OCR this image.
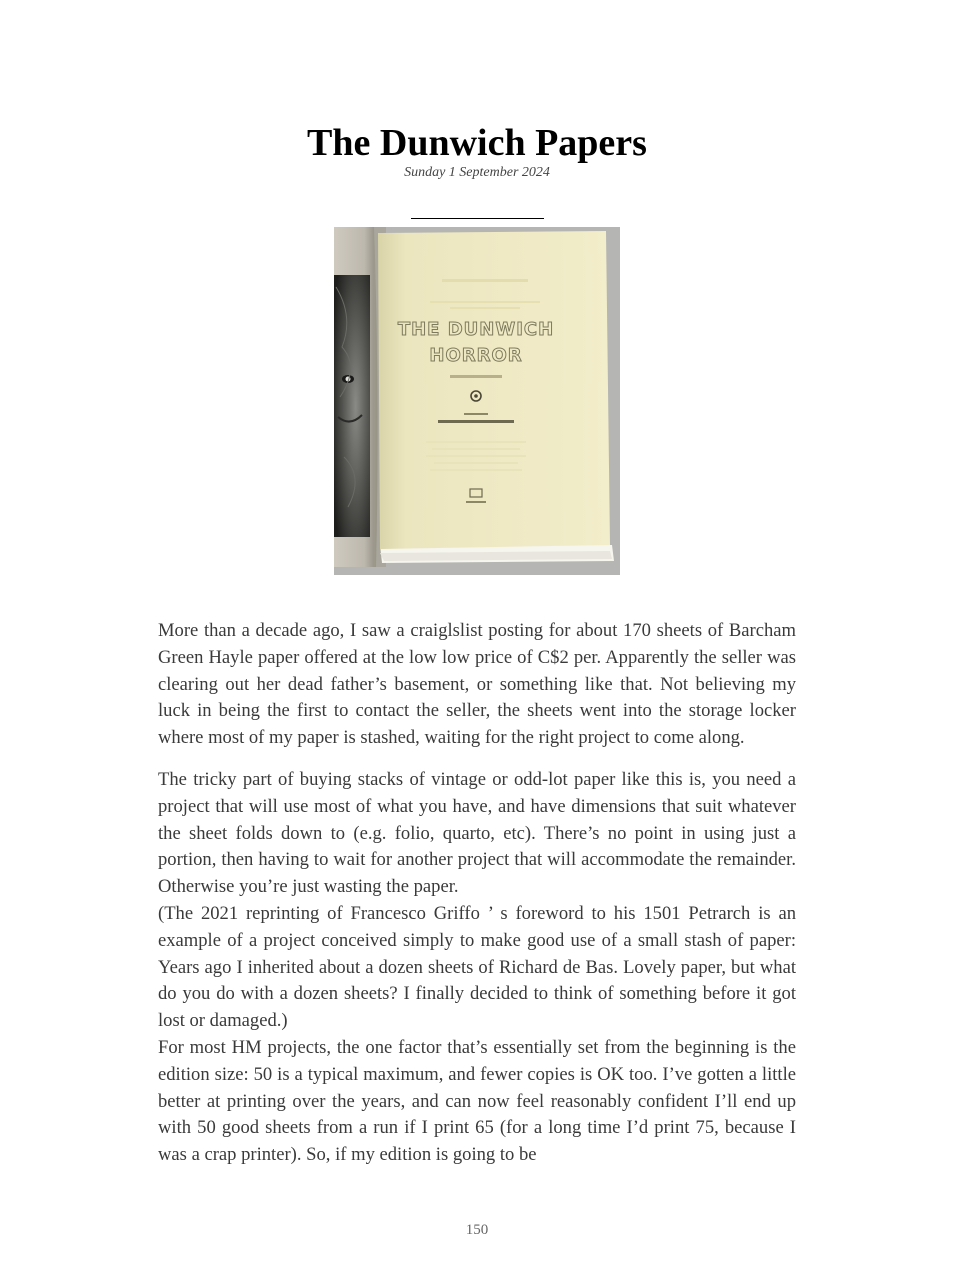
The Dunwich Papers
Sunday 1 September 2024
THE DUNWICH
HORROR

More than a decade ago, I saw a craiglslist posting for about 170 sheets of Barcham Green Hayle paper offered at the low low price of C$2 per. Apparently the seller was clearing out her dead father’s basement, or something like that. Not believing my luck in being the first to contact the seller, the sheets went into the storage locker where most of my paper is stashed, waiting for the right project to come along.

The tricky part of buying stacks of vintage or odd-lot paper like this is, you need a project that will use most of what you have, and have dimensions that suit whatever the sheet folds down to (e.g. folio, quarto, etc). There’s no point in using just a portion, then having to wait for another project that will accommodate the remainder. Otherwise you’re just wasting the paper.

(The 2021 reprinting of Francesco Griffo ’ s foreword to his 1501 Petrarch is an example of a project conceived simply to make good use of a small stash of paper: Years ago I inherited about a dozen sheets of Richard de Bas. Lovely paper, but what do you do with a dozen sheets? I finally decided to think of something before it got lost or damaged.)

For most HM projects, the one factor that’s essentially set from the beginning is the edition size: 50 is a typical maximum, and fewer copies is OK too. I’ve gotten a little better at printing over the years, and can now feel reasonably confident I’ll end up with 50 good sheets from a run if I print 65 (for a long time I’d print 75, because I was a crap printer). So, if my edition is going to be

150
